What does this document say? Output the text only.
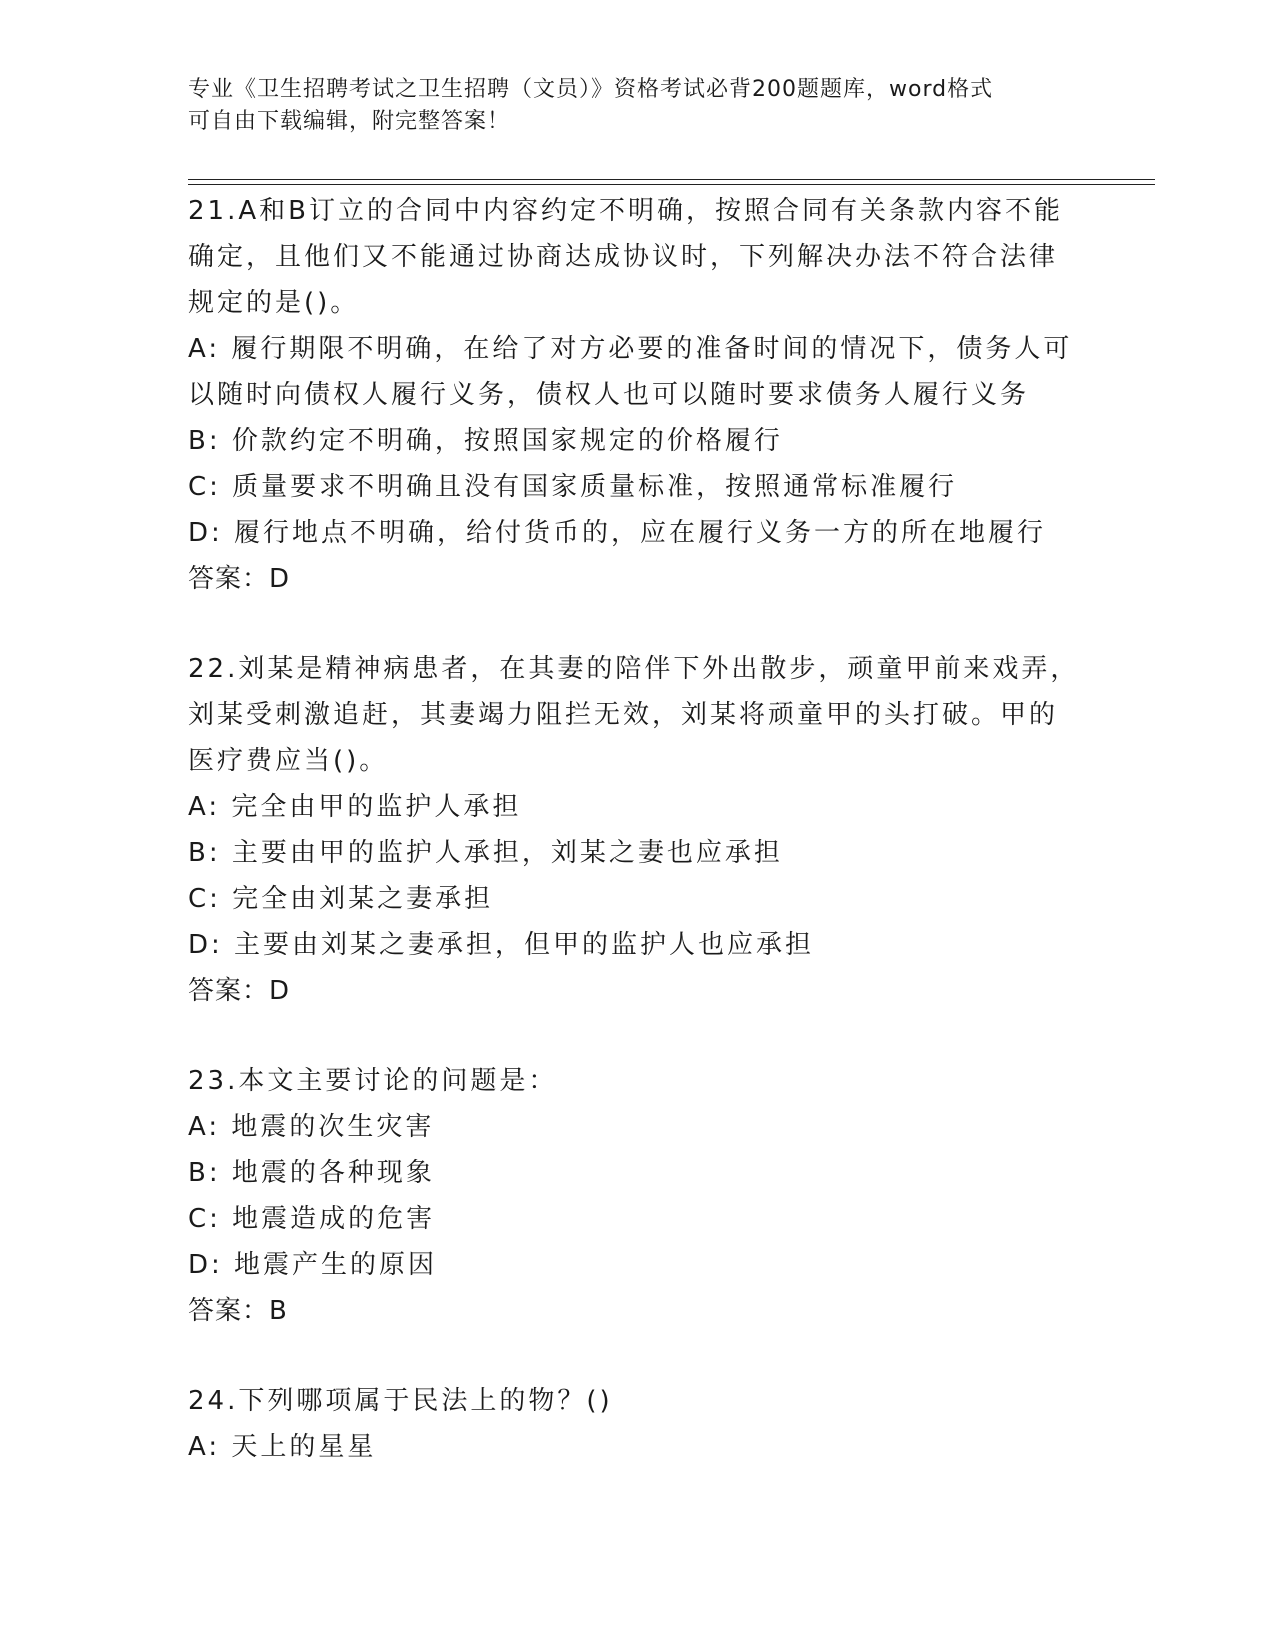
专业《卫生招聘考试之卫生招聘（文员）》资格考试必背200题题库，word格式
可自由下载编辑，附完整答案！
21.A和B订立的合同中内容约定不明确，按照合同有关条款内容不能
确定，且他们又不能通过协商达成协议时，下列解决办法不符合法律
规定的是()。
A: 履行期限不明确，在给了对方必要的准备时间的情况下，债务人可
以随时向债权人履行义务，债权人也可以随时要求债务人履行义务
B: 价款约定不明确，按照国家规定的价格履行
C: 质量要求不明确且没有国家质量标准，按照通常标准履行
D: 履行地点不明确，给付货币的，应在履行义务一方的所在地履行
答案：D
22.刘某是精神病患者，在其妻的陪伴下外出散步，顽童甲前来戏弄，
刘某受刺激追赶，其妻竭力阻拦无效，刘某将顽童甲的头打破。甲的
医疗费应当()。
A: 完全由甲的监护人承担
B: 主要由甲的监护人承担，刘某之妻也应承担
C: 完全由刘某之妻承担
D: 主要由刘某之妻承担，但甲的监护人也应承担
答案：D
23.本文主要讨论的问题是：
A: 地震的次生灾害
B: 地震的各种现象
C: 地震造成的危害
D: 地震产生的原因
答案：B
24.下列哪项属于民法上的物？()
A: 天上的星星
